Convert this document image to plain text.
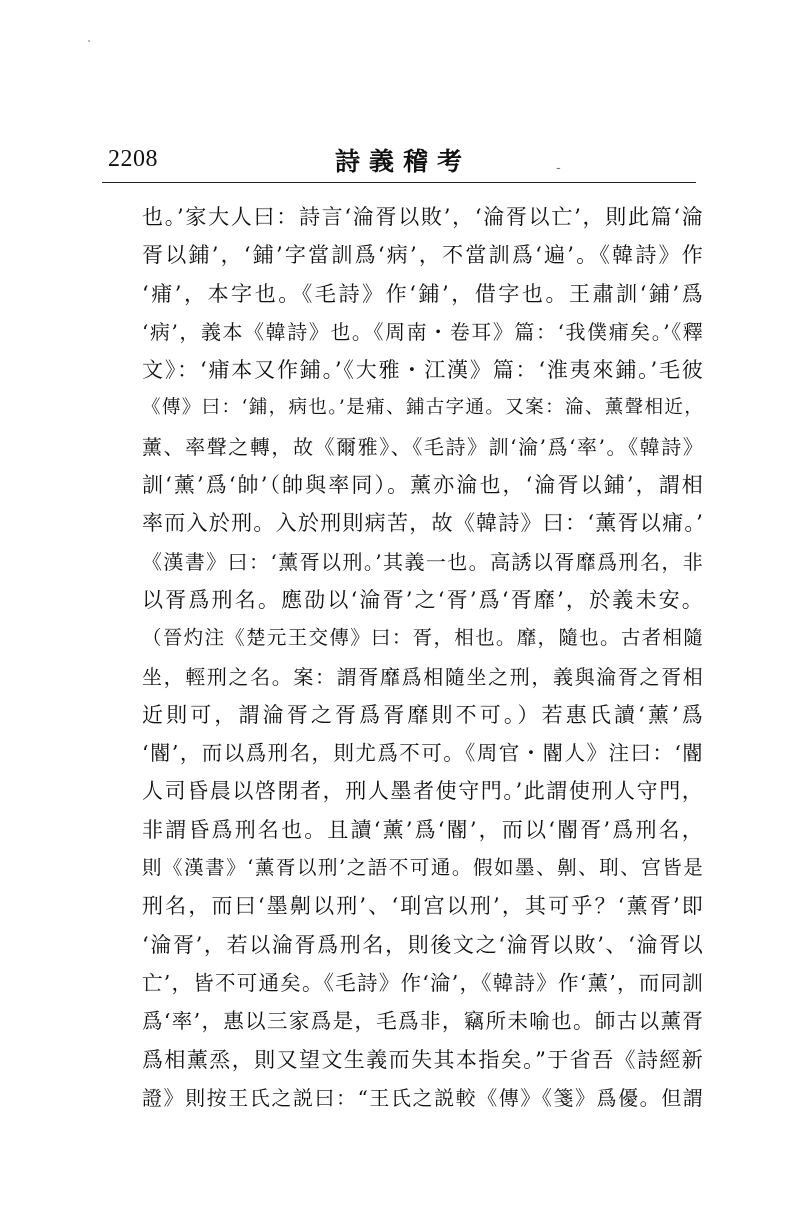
2208	詩義稽考	-
也。’家大人曰：詩言‘淪胥以敗’，‘淪胥以亡’，則此篇‘淪
胥以鋪’，‘鋪’字當訓爲‘病’，不當訓爲‘遍’。《韓詩》作
‘痡’，本字也。《毛詩》作‘鋪’，借字也。王肅訓‘鋪’爲
‘病’，義本《韓詩》也。《周南・卷耳》篇：‘我僕痡矣。’《釋
文》：‘痡本又作鋪。’《大雅・江漢》篇：‘淮夷來鋪。’毛彼
《傳》曰：‘鋪，病也。’是痡、鋪古字通。又案：淪、薰聲相近，
薰、率聲之轉，故《爾雅》、《毛詩》訓‘淪’爲‘率’。《韓詩》
訓‘薰’爲‘帥’（帥與率同）。薰亦淪也，‘淪胥以鋪’，謂相
率而入於刑。入於刑則病苦，故《韓詩》曰：‘薰胥以痡。’
《漢書》曰：‘薰胥以刑。’其義一也。高誘以胥靡爲刑名，非
以胥爲刑名。應劭以‘淪胥’之‘胥’爲‘胥靡’，於義未安。
（晉灼注《楚元王交傳》曰：胥，相也。靡，隨也。古者相隨
坐，輕刑之名。案：謂胥靡爲相隨坐之刑，義與淪胥之胥相
近則可，謂淪胥之胥爲胥靡則不可。）若惠氏讀‘薰’爲
‘閽’，而以爲刑名，則尤爲不可。《周官・閽人》注曰：‘閽
人司昏晨以啓閉者，刑人墨者使守門。’此謂使刑人守門，
非謂昏爲刑名也。且讀‘薰’爲‘閽’，而以‘閽胥’爲刑名，
則《漢書》‘薰胥以刑’之語不可通。假如墨、劓、刵、宫皆是
刑名，而曰‘墨劓以刑’、‘刵宫以刑’，其可乎？‘薰胥’即
‘淪胥’，若以淪胥爲刑名，則後文之‘淪胥以敗’、‘淪胥以
亡’，皆不可通矣。《毛詩》作‘淪’，《韓詩》作‘薰’，而同訓
爲‘率’，惠以三家爲是，毛爲非，竊所未喻也。師古以薰胥
爲相薰烝，則又望文生義而失其本指矣。”于省吾《詩經新
證》則按王氏之説曰：“王氏之説較《傳》《箋》爲優。但謂
